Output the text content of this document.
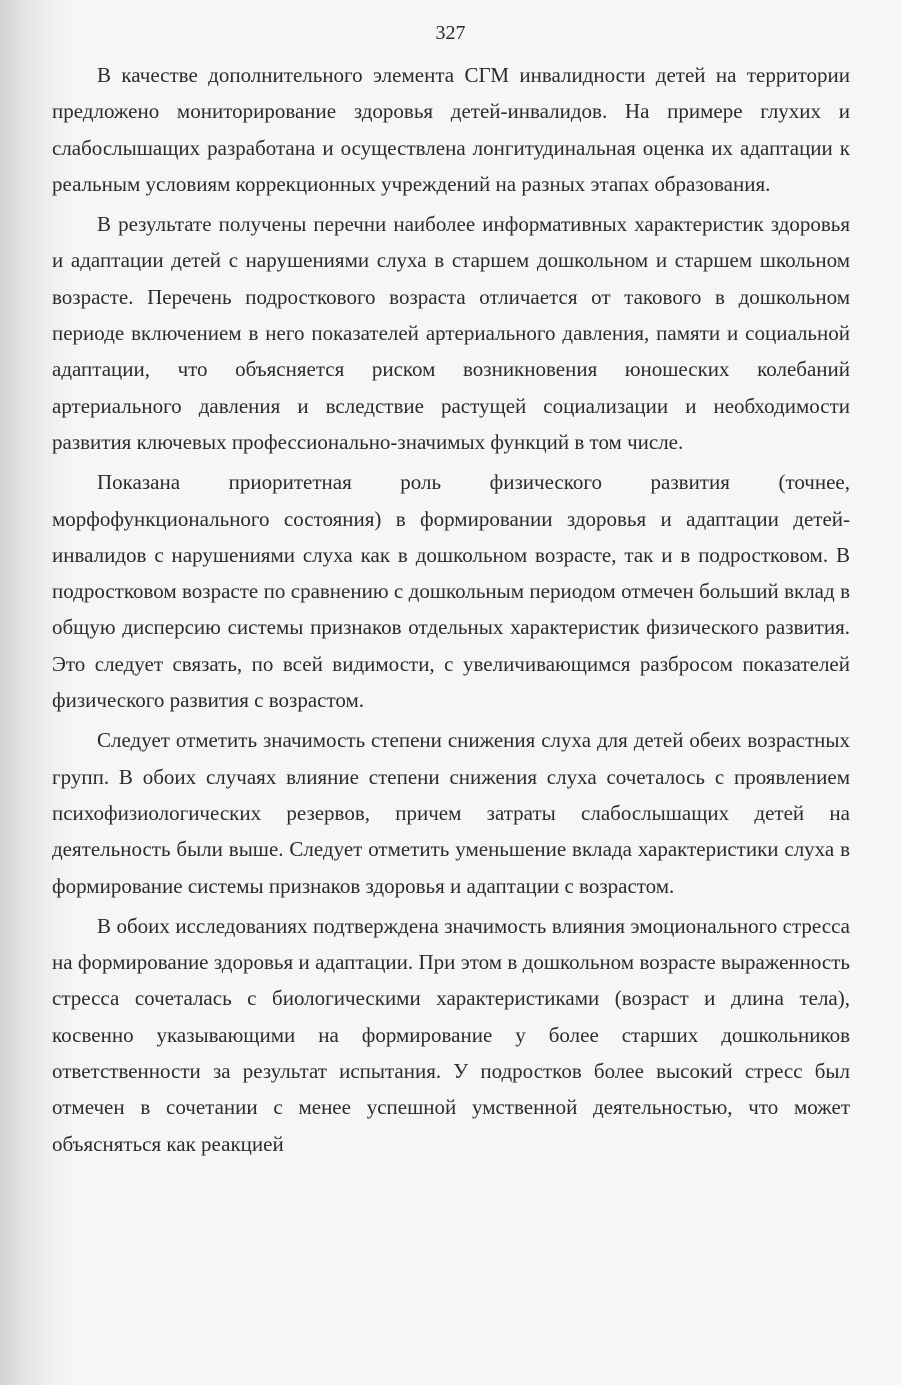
327

В качестве дополнительного элемента СГМ инвалидности детей на территории предложено мониторирование здоровья детей-инвалидов. На примере глухих и слабослышащих разработана и осуществлена лонгитудинальная оценка их адаптации к реальным условиям коррекционных учреждений на разных этапах образования.

В результате получены перечни наиболее информативных характеристик здоровья и адаптации детей с нарушениями слуха в старшем дошкольном и старшем школьном возрасте. Перечень подросткового возраста отличается от такового в дошкольном периоде включением в него показателей артериального давления, памяти и социальной адаптации, что объясняется риском возникновения юношеских колебаний артериального давления и вследствие растущей социализации и необходимости развития ключевых профессионально-значимых функций в том числе.

Показана приоритетная роль физического развития (точнее, морфофункционального состояния) в формировании здоровья и адаптации детей-инвалидов с нарушениями слуха как в дошкольном возрасте, так и в подростковом. В подростковом возрасте по сравнению с дошкольным периодом отмечен больший вклад в общую дисперсию системы признаков отдельных характеристик физического развития. Это следует связать, по всей видимости, с увеличивающимся разбросом показателей физического развития с возрастом.

Следует отметить значимость степени снижения слуха для детей обеих возрастных групп. В обоих случаях влияние степени снижения слуха сочеталось с проявлением психофизиологических резервов, причем затраты слабослышащих детей на деятельность были выше. Следует отметить уменьшение вклада характеристики слуха в формирование системы признаков здоровья и адаптации с возрастом.

В обоих исследованиях подтверждена значимость влияния эмоционального стресса на формирование здоровья и адаптации. При этом в дошкольном возрасте выраженность стресса сочеталась с биологическими характеристиками (возраст и длина тела), косвенно указывающими на формирование у более старших дошкольников ответственности за результат испытания. У подростков более высокий стресс был отмечен в сочетании с менее успешной умственной деятельностью, что может объясняться как реакцией
